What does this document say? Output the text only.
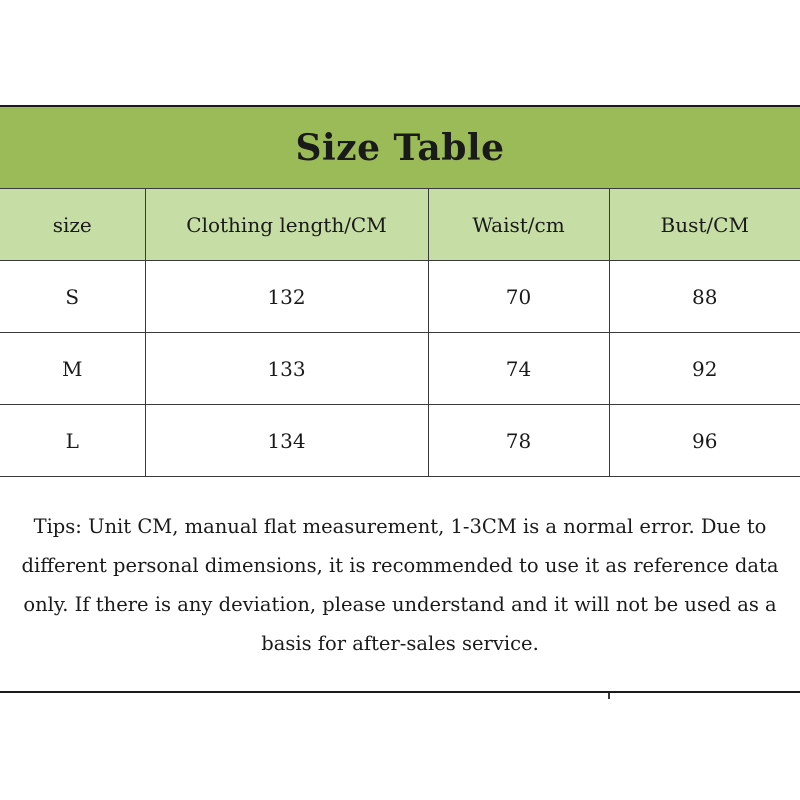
Size Table
size	Clothing length/CM	Waist/cm	Bust/CM
S	132	70	88
M	133	74	92
L	134	78	96
Tips: Unit CM, manual flat measurement, 1-3CM is a normal error. Due to different personal dimensions, it is recommended to use it as reference data only. If there is any deviation, please understand and it will not be used as a basis for after-sales service.
